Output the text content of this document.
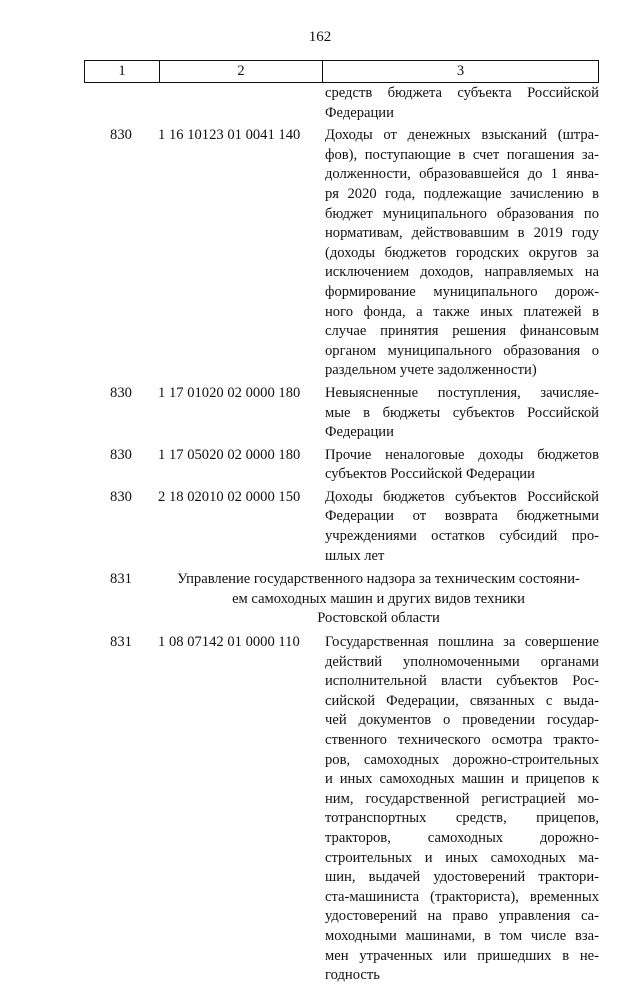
162
1	2	3
средств бюджета субъекта Российской
Федерации
830	1 16 10123 01 0041 140	Доходы от денежных взысканий (штра-
фов), поступающие в счет погашения за-
долженности, образовавшейся до 1 янва-
ря 2020 года, подлежащие зачислению в
бюджет муниципального образования по
нормативам, действовавшим в 2019 году
(доходы бюджетов городских округов за
исключением доходов, направляемых на
формирование муниципального дорож-
ного фонда, а также иных платежей в
случае принятия решения финансовым
органом муниципального образования о
раздельном учете задолженности)
830	1 17 01020 02 0000 180	Невыясненные поступления, зачисляе-
мые в бюджеты субъектов Российской
Федерации
830	1 17 05020 02 0000 180	Прочие неналоговые доходы бюджетов
субъектов Российской Федерации
830	2 18 02010 02 0000 150	Доходы бюджетов субъектов Российской
Федерации от возврата бюджетными
учреждениями остатков субсидий про-
шлых лет
831	Управление государственного надзора за техническим состояни-
ем самоходных машин и других видов техники
Ростовской области
831	1 08 07142 01 0000 110	Государственная пошлина за совершение
действий уполномоченными органами
исполнительной власти субъектов Рос-
сийской Федерации, связанных с выда-
чей документов о проведении государ-
ственного технического осмотра тракто-
ров, самоходных дорожно-строительных
и иных самоходных машин и прицепов к
ним, государственной регистрацией мо-
тотранспортных средств, прицепов,
тракторов, самоходных дорожно-
строительных и иных самоходных ма-
шин, выдачей удостоверений трактори-
ста-машиниста (тракториста), временных
удостоверений на право управления са-
моходными машинами, в том числе вза-
мен утраченных или пришедших в не-
годность
